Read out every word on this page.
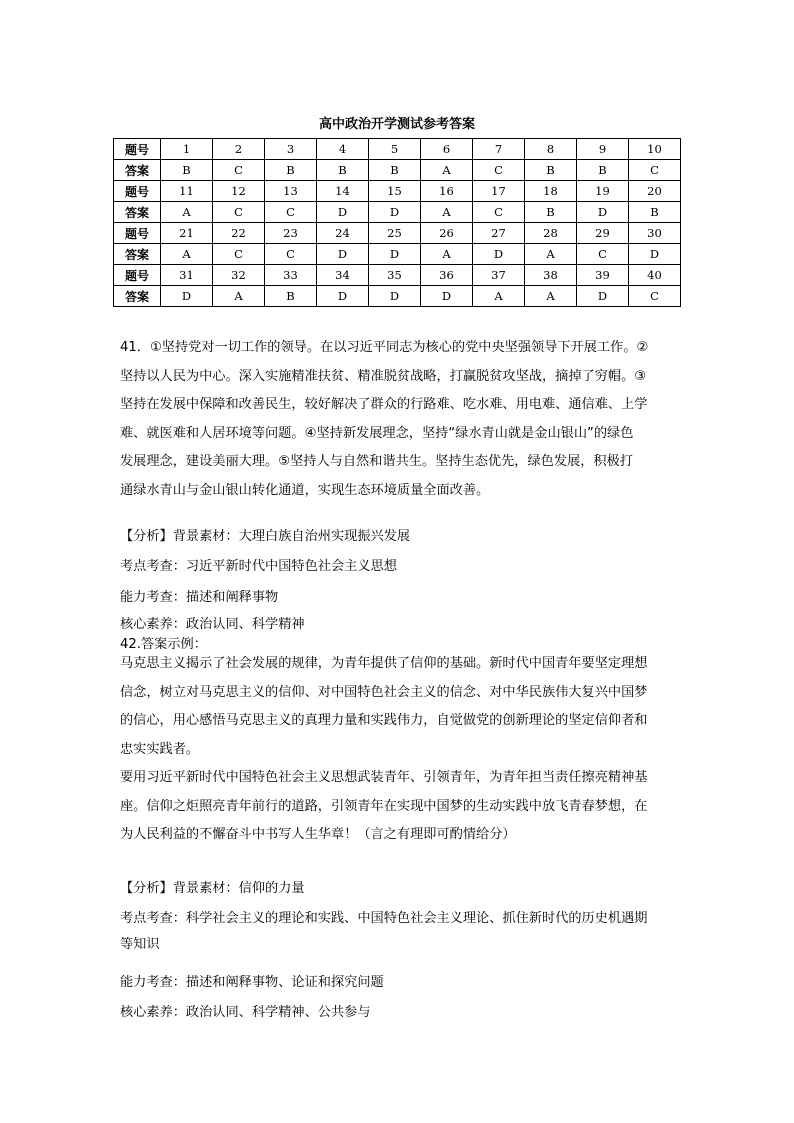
高中政治开学测试参考答案
题号	1	2	3	4	5	6	7	8	9	10
答案	B	C	B	B	B	A	C	B	B	C
题号	11	12	13	14	15	16	17	18	19	20
答案	A	C	C	D	D	A	C	B	D	B
题号	21	22	23	24	25	26	27	28	29	30
答案	A	C	C	D	D	A	D	A	C	D
题号	31	32	33	34	35	36	37	38	39	40
答案	D	A	B	D	D	D	A	A	D	C

41．①坚持党对一切工作的领导。在以习近平同志为核心的党中央坚强领导下开展工作。②

坚持以人民为中心。深入实施精准扶贫、精准脱贫战略，打赢脱贫攻坚战，摘掉了穷帽。③

坚持在发展中保障和改善民生，较好解决了群众的行路难、吃水难、用电难、通信难、上学

难、就医难和人居环境等问题。④坚持新发展理念，坚持“绿水青山就是金山银山”的绿色

发展理念，建设美丽大理。⑤坚持人与自然和谐共生。坚持生态优先，绿色发展，积极打

通绿水青山与金山银山转化通道，实现生态环境质量全面改善。

【分析】背景素材：大理白族自治州实现振兴发展
考点考查：习近平新时代中国特色社会主义思想
能力考查：描述和阐释事物
核心素养：政治认同、科学精神
42.答案示例：

马克思主义揭示了社会发展的规律，为青年提供了信仰的基础。新时代中国青年要坚定理想

信念，树立对马克思主义的信仰、对中国特色社会主义的信念、对中华民族伟大复兴中国梦

的信心，用心感悟马克思主义的真理力量和实践伟力，自觉做党的创新理论的坚定信仰者和

忠实实践者。

要用习近平新时代中国特色社会主义思想武装青年、引领青年，为青年担当责任擦亮精神基

座。信仰之炬照亮青年前行的道路，引领青年在实现中国梦的生动实践中放飞青春梦想，在

为人民利益的不懈奋斗中书写人生华章！（言之有理即可酌情给分）

【分析】背景素材：信仰的力量

考点考查：科学社会主义的理论和实践、中国特色社会主义理论、抓住新时代的历史机遇期

等知识

能力考查：描述和阐释事物、论证和探究问题
核心素养：政治认同、科学精神、公共参与
